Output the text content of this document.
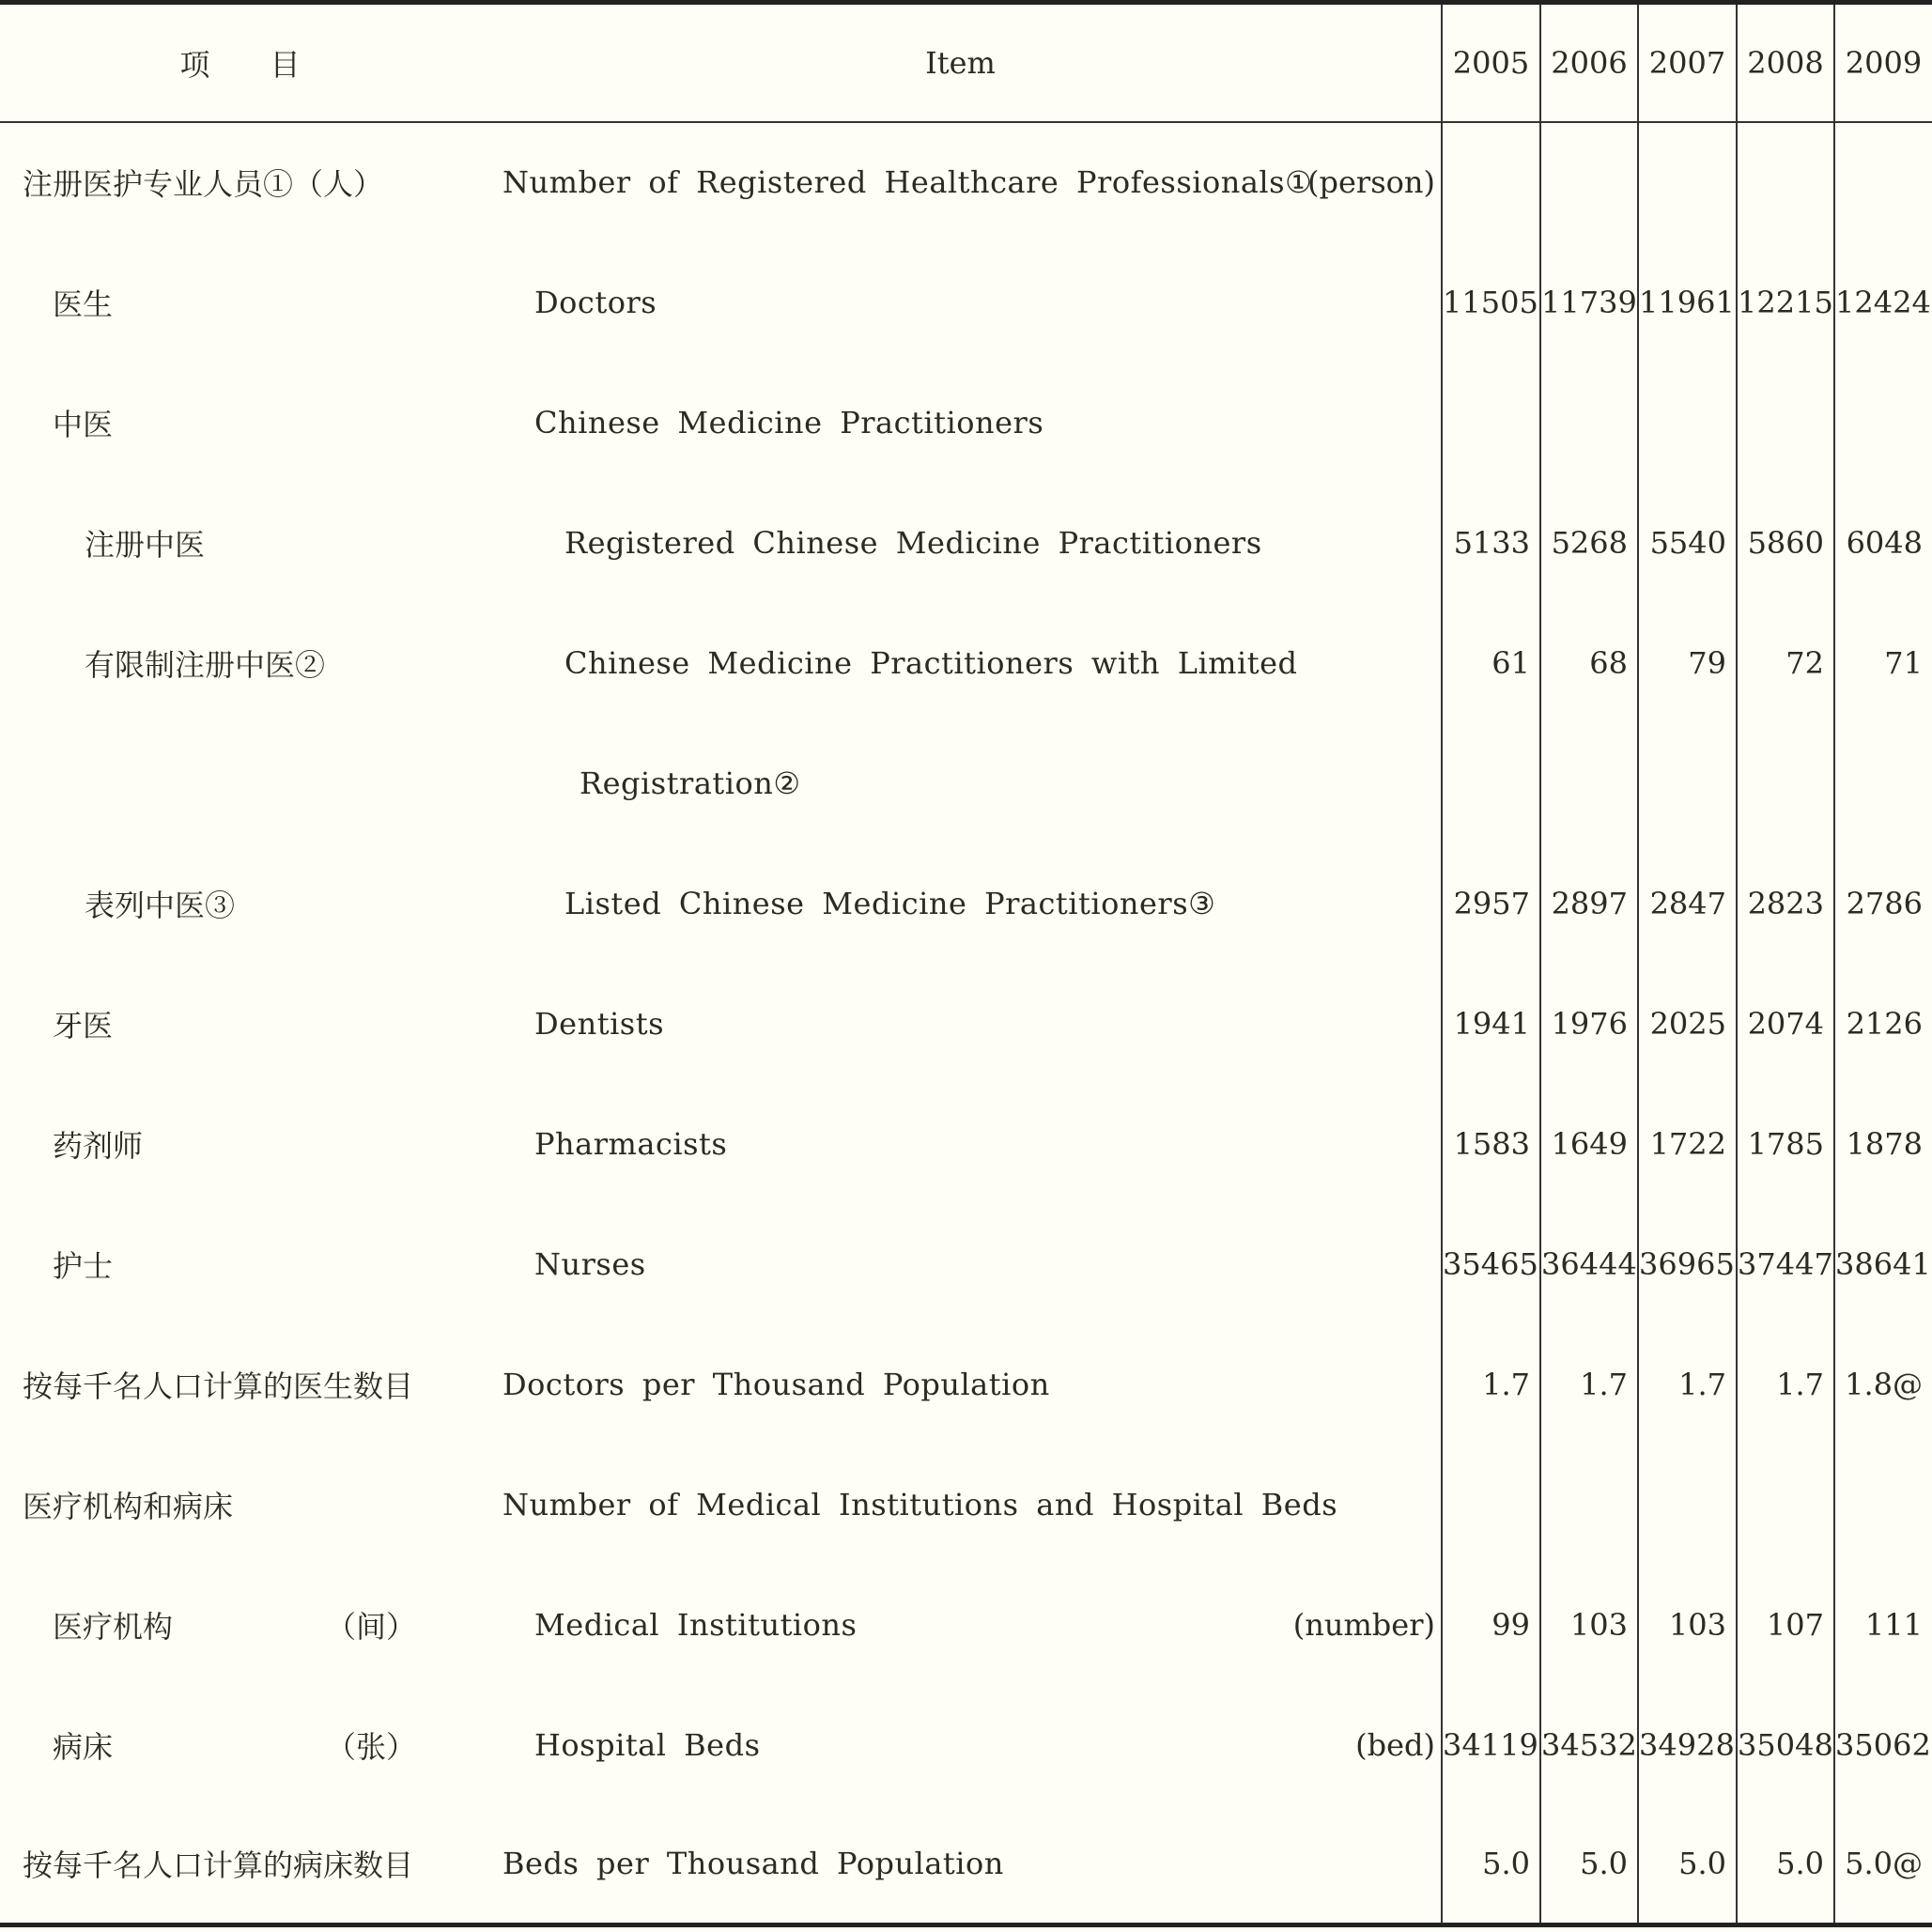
项　　目	Item	2005	2006	2007	2008	2009
注册医护专业人员①（人）	Number of Registered Healthcare Professionals①
(person)					

医生	Doctors	11505	11739	11961	12215	12424
中医	Chinese Medicine Practitioners

注册中医	Registered Chinese Medicine Practitioners	5133	5268	5540	5860	6048
有限制注册中医②	Chinese Medicine Practitioners with Limited	61	68	79	72	71

	Registration②

表列中医③	Listed Chinese Medicine Practitioners③	2957	2897	2847	2823	2786
牙医	Dentists	1941	1976	2025	2074	2126
药剂师	Pharmacists	1583	1649	1722	1785	1878
护士	Nurses	35465	36444	36965	37447	38641
按每千名人口计算的医生数目	Doctors per Thousand Population	1.7	1.7	1.7	1.7	1.8@
医疗机构和病床	Number of Medical Institutions and Hospital Beds

医疗机构 （间）	Medical Institutions (number)	99	103	103	107	111
病床 （张）	Hospital Beds (bed)	34119	34532	34928	35048	35062
按每千名人口计算的病床数目	Beds per Thousand Population	5.0	5.0	5.0	5.0	5.0@
